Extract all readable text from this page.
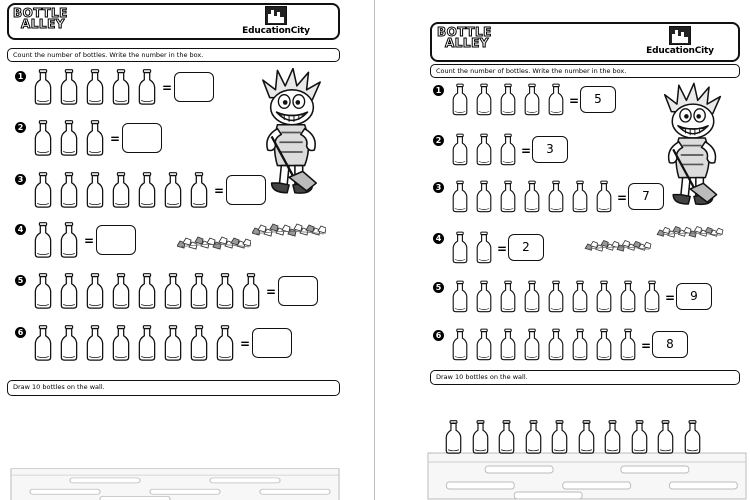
BOTTLE
ALLEY	EducationCity
Count the number of bottles. Write the number in the box.
1
=
2
=
3
=
4
=
5
=
6
=
Draw 10 bottles on the wall.
BOTTLE
ALLEY
EducationCity
Count the number of bottles. Write the number in the box.
1
=	5
2
=	3
3
=	7
4
=	2
5
=	9
6
=	8
Draw 10 bottles on the wall.
